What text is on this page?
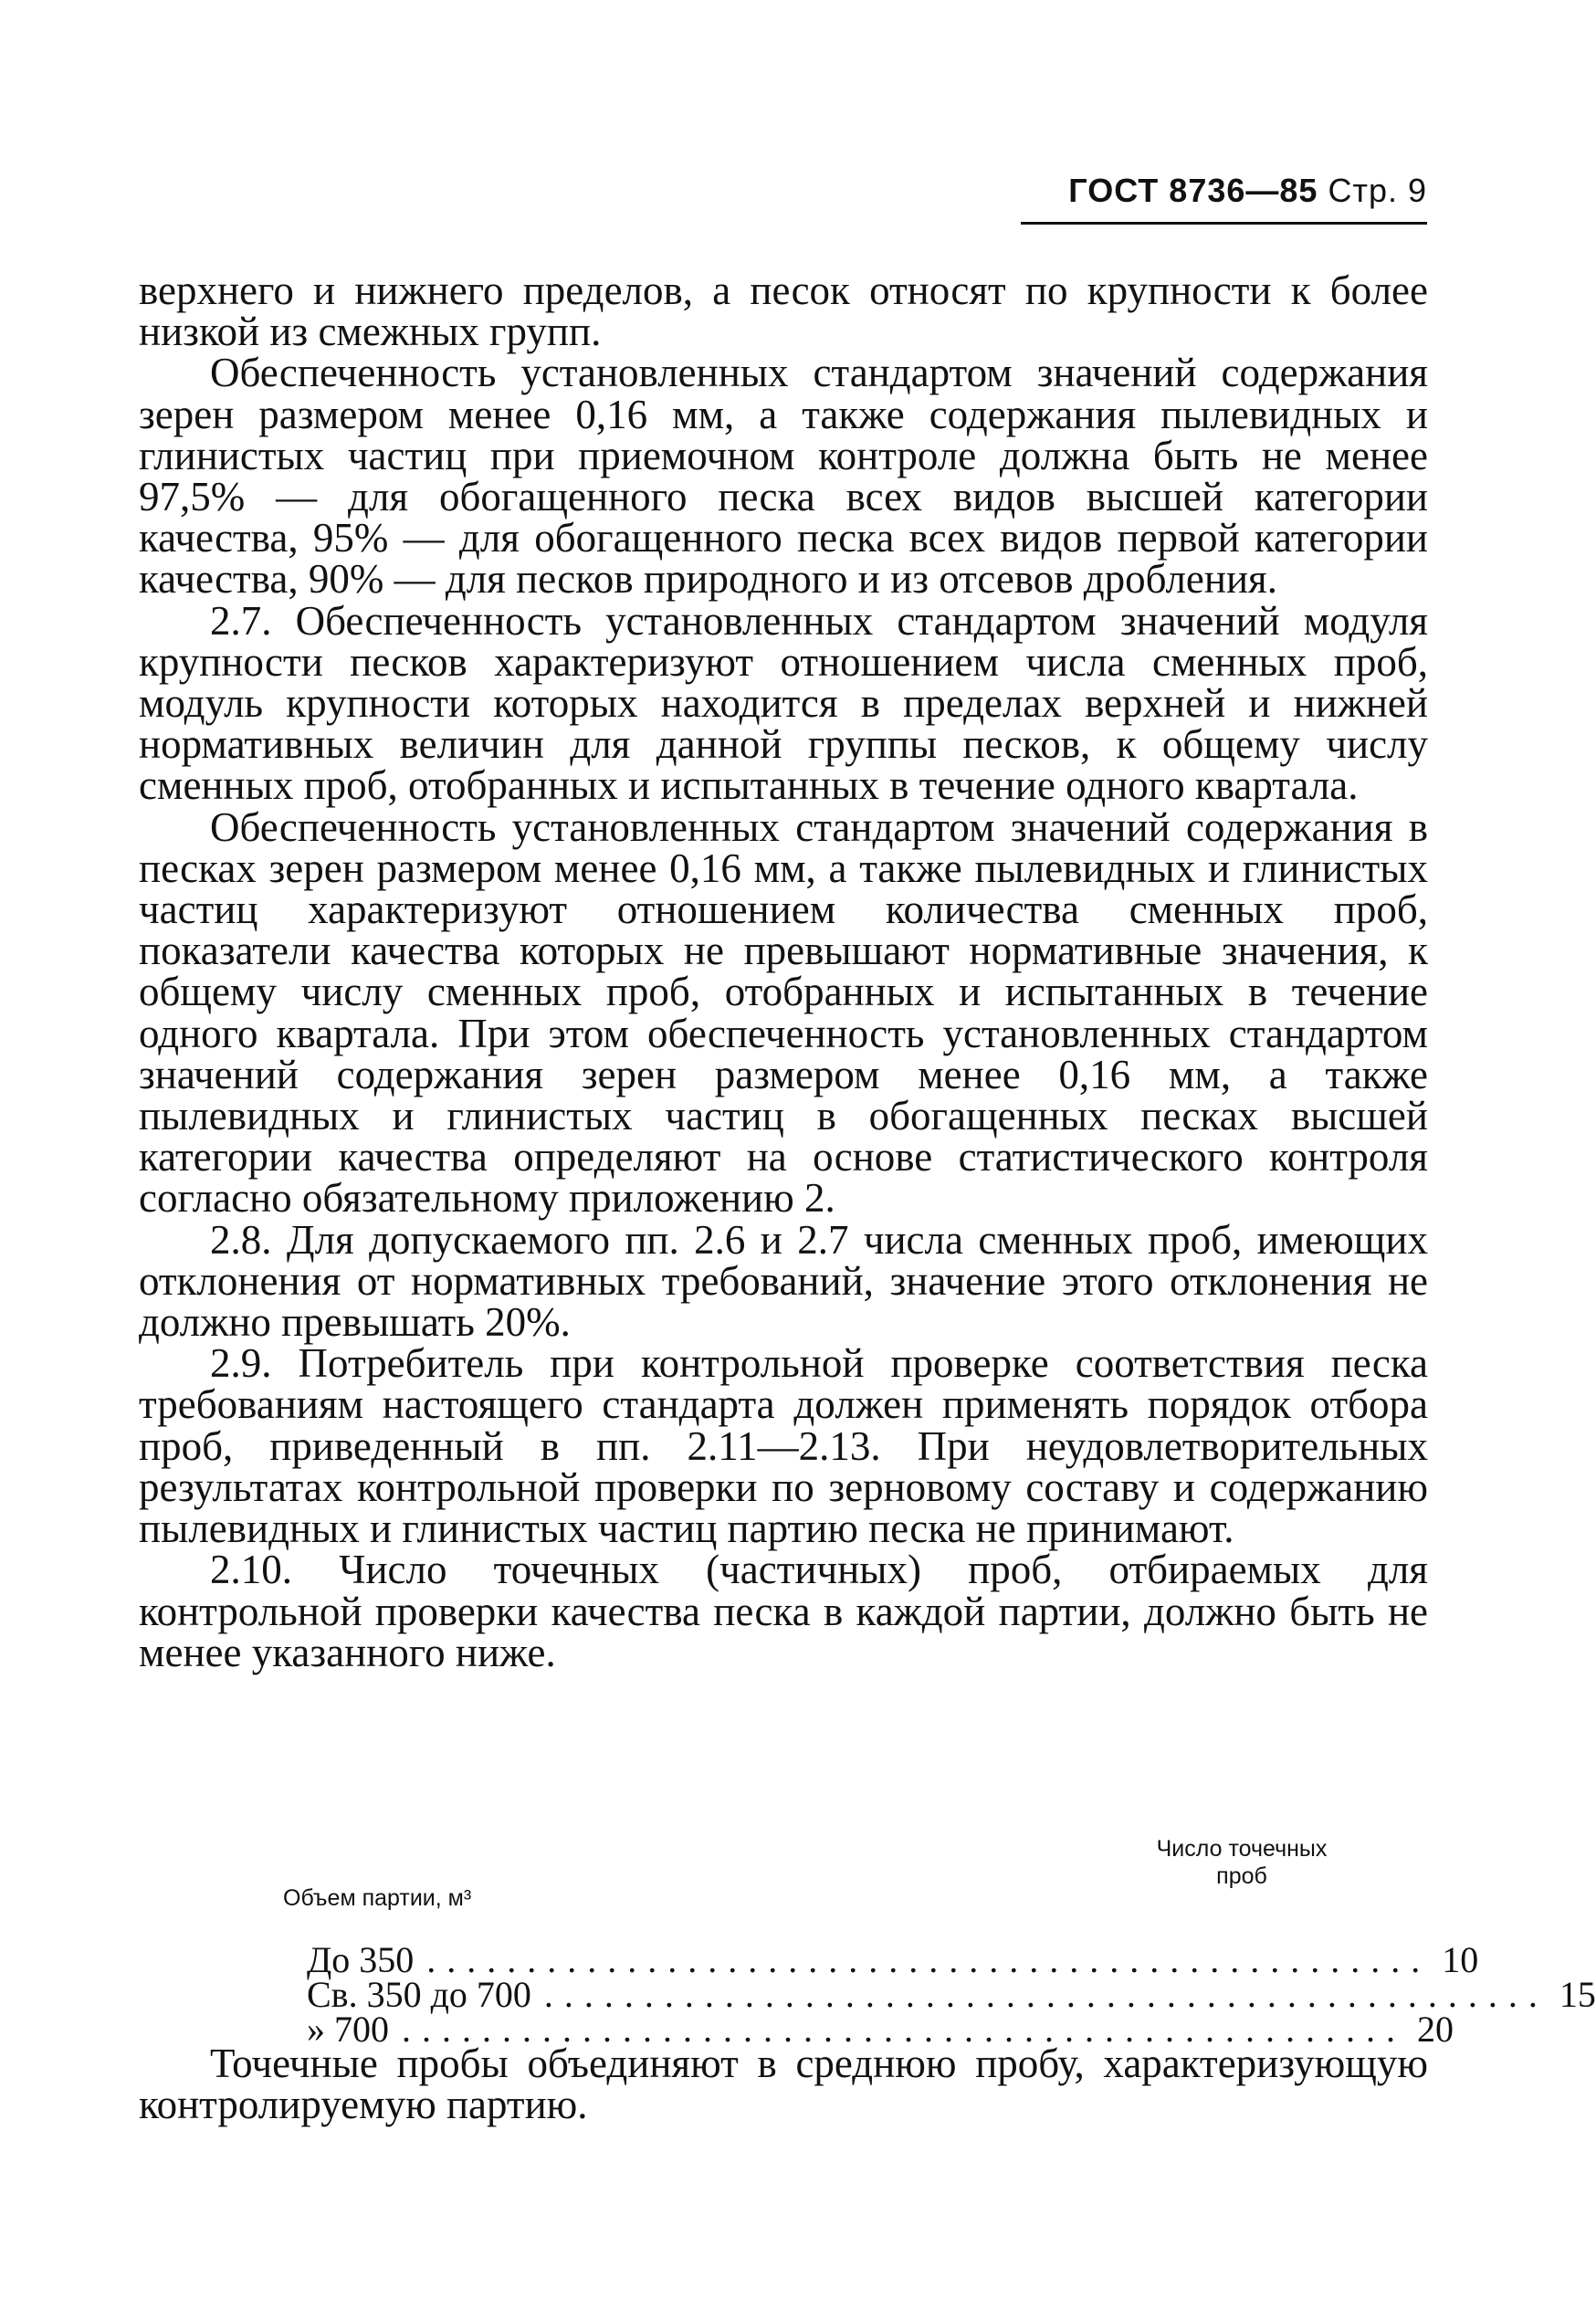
ГОСТ 8736—85 Стр. 9

верхнего и нижнего пределов, а песок относят по крупности к более низкой из смежных групп.

Обеспеченность установленных стандартом значений содержания зерен размером менее 0,16 мм, а также содержания пылевидных и глинистых частиц при приемочном контроле должна быть не менее 97,5% — для обогащенного песка всех видов высшей категории качества, 95% — для обогащенного песка всех видов первой категории качества, 90% — для песков природного и из отсевов дробления.

2.7. Обеспеченность установленных стандартом значений модуля крупности песков характеризуют отношением числа сменных проб, модуль крупности которых находится в пределах верхней и нижней нормативных величин для данной группы песков, к общему числу сменных проб, отобранных и испытанных в течение одного квартала.

Обеспеченность установленных стандартом значений содержания в песках зерен размером менее 0,16 мм, а также пылевидных и глинистых частиц характеризуют отношением количества сменных проб, показатели качества которых не превышают нормативные значения, к общему числу сменных проб, отобранных и испытанных в течение одного квартала. При этом обеспеченность установленных стандартом значений содержания зерен размером менее 0,16 мм, а также пылевидных и глинистых частиц в обогащенных песках высшей категории качества определяют на основе статистического контроля согласно обязательному приложению 2.

2.8. Для допускаемого пп. 2.6 и 2.7 числа сменных проб, имеющих отклонения от нормативных требований, значение этого отклонения не должно превышать 20%.

2.9. Потребитель при контрольной проверке соответствия песка требованиям настоящего стандарта должен применять порядок отбора проб, приведенный в пп. 2.11—2.13. При неудовлетворительных результатах контрольной проверки по зерновому составу и содержанию пылевидных и глинистых частиц партию песка не принимают.

2.10. Число точечных (частичных) проб, отбираемых для контрольной проверки качества песка в каждой партии, должно быть не менее указанного ниже.

Объем партии, м³
Число точечных проб
До 350 .................................................. 10
Св. 350 до 700 .................................................. 15
» 700 .................................................. 20

Точечные пробы объединяют в среднюю пробу, характеризующую контролируемую партию.
